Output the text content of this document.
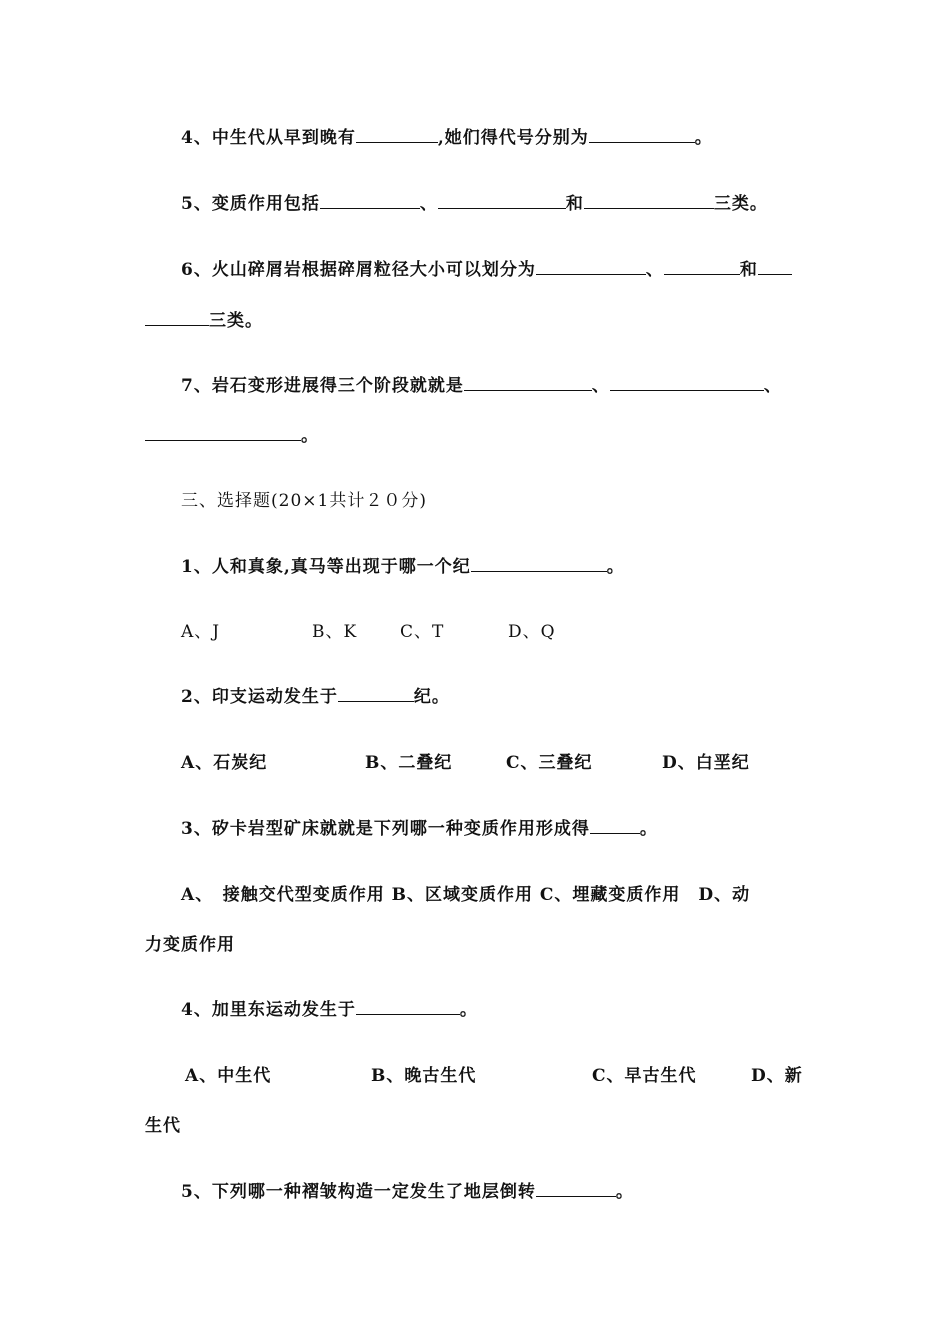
4、中生代从早到晚有	,她们得代号分别为	。
5、变质作用包括	、	和	三类。
6、火山碎屑岩根据碎屑粒径大小可以划分为	、	和
三类。
7、岩石变形进展得三个阶段就就是	、	、
。
三、选择题(20×1共计２０分)
1、人和真象,真马等出现于哪一个纪	。
A、J	B、K	C、T	D、Q
2、印支运动发生于	纪。
A、石炭纪	B、二叠纪	C、三叠纪	D、白垩纪
3、矽卡岩型矿床就就是下列哪一种变质作用形成得	。
A、　接触交代型变质作用 B、区域变质作用 C、埋藏变质作用　D、动
力变质作用
4、加里东运动发生于	。
A、中生代	B、晚古生代	C、早古生代	D、新
生代
5、下列哪一种褶皱构造一定发生了地层倒转	。
